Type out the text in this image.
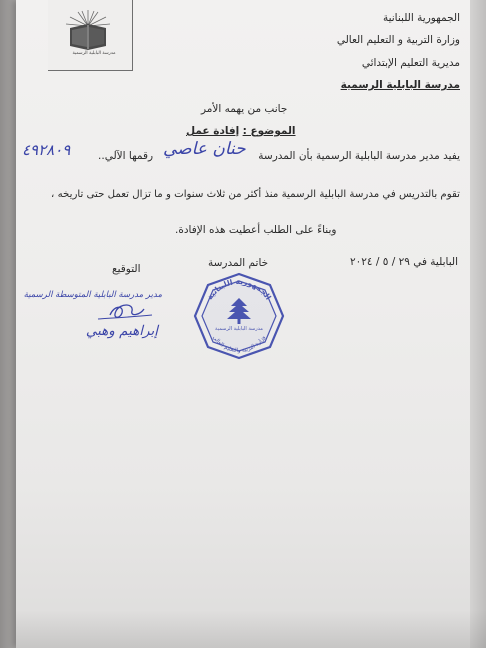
مدرسة البابلية الرسمية
الجمهورية اللبنانية
وزارة التربية و التعليم العالي
مديرية التعليم الإبتدائي
مدرسة البابلية الرسمية
جانب من يهمه الأمر
الموضوع : إفادة عمل
يفيد مدير مدرسة البابلية الرسمية بأن المدرسة
حنان عاصي
رقمها الآلي..
٤٩٢٨٠٩
تقوم بالتدريس في مدرسة البابلية الرسمية منذ أكثر من ثلاث سنوات و ما تزال تعمل حتى تاريخه ،
وبناءً على الطلب أعطيت هذه الإفادة.
البابلية في ٢٩ / ٥ / ٢٠٢٤
خاتم المدرسة
التوقيع
الجمهورية اللبنانية
مدرسة البابلية الرسمية
وزارة التربية والتعليم العالي
مدير مدرسة البابلية المتوسطة الرسمية
إبراهيم وهبي
